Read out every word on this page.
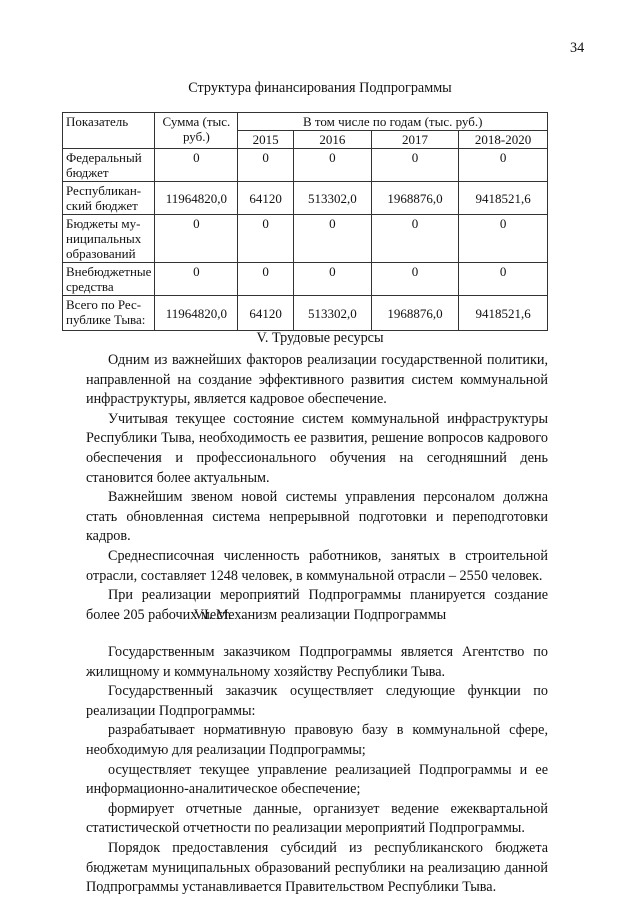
34
Структура финансирования Подпрограммы
Показатель	Сумма (тыс. руб.)	В том числе по годам (тыс. руб.)			
		2015	2016	2017	2018-2020
Федеральный бюджет	0	0	0	0	0
Республикан-ский бюджет	11964820,0	64120	513302,0	1968876,0	9418521,6
Бюджеты му-ниципальных образований	0	0	0	0	0
Внебюджетные средства	0	0	0	0	0
Всего по Рес-публике Тыва:	11964820,0	64120	513302,0	1968876,0	9418521,6
V. Трудовые ресурсы

Одним из важнейших факторов реализации государственной политики, направленной на создание эффективного развития систем коммунальной инфраструктуры, является кадровое обеспечение.

Учитывая текущее состояние систем коммунальной инфраструктуры Республики Тыва, необходимость ее развития, решение вопросов кадрового обеспечения и профессионального обучения на сегодняшний день становится более актуальным.

Важнейшим звеном новой системы управления персоналом должна стать обновленная система непрерывной подготовки и переподготовки кадров.

Среднесписочная численность работников, занятых в строительной отрасли, составляет 1248 человек, в коммунальной отрасли – 2550 человек.

При реализации мероприятий Подпрограммы планируется создание более 205 рабочих мест.

VI. Механизм реализации Подпрограммы

Государственным заказчиком Подпрограммы является Агентство по жилищному и коммунальному хозяйству Республики Тыва.

Государственный заказчик осуществляет следующие функции по реализации Подпрограммы:

разрабатывает нормативную правовую базу в коммунальной сфере, необходимую для реализации Подпрограммы;

осуществляет текущее управление реализацией Подпрограммы и ее информационно-аналитическое обеспечение;

формирует отчетные данные, организует ведение ежеквартальной статистической отчетности по реализации мероприятий Подпрограммы.

Порядок предоставления субсидий из республиканского бюджета бюджетам муниципальных образований республики на реализацию данной Подпрограммы устанавливается Правительством Республики Тыва.
